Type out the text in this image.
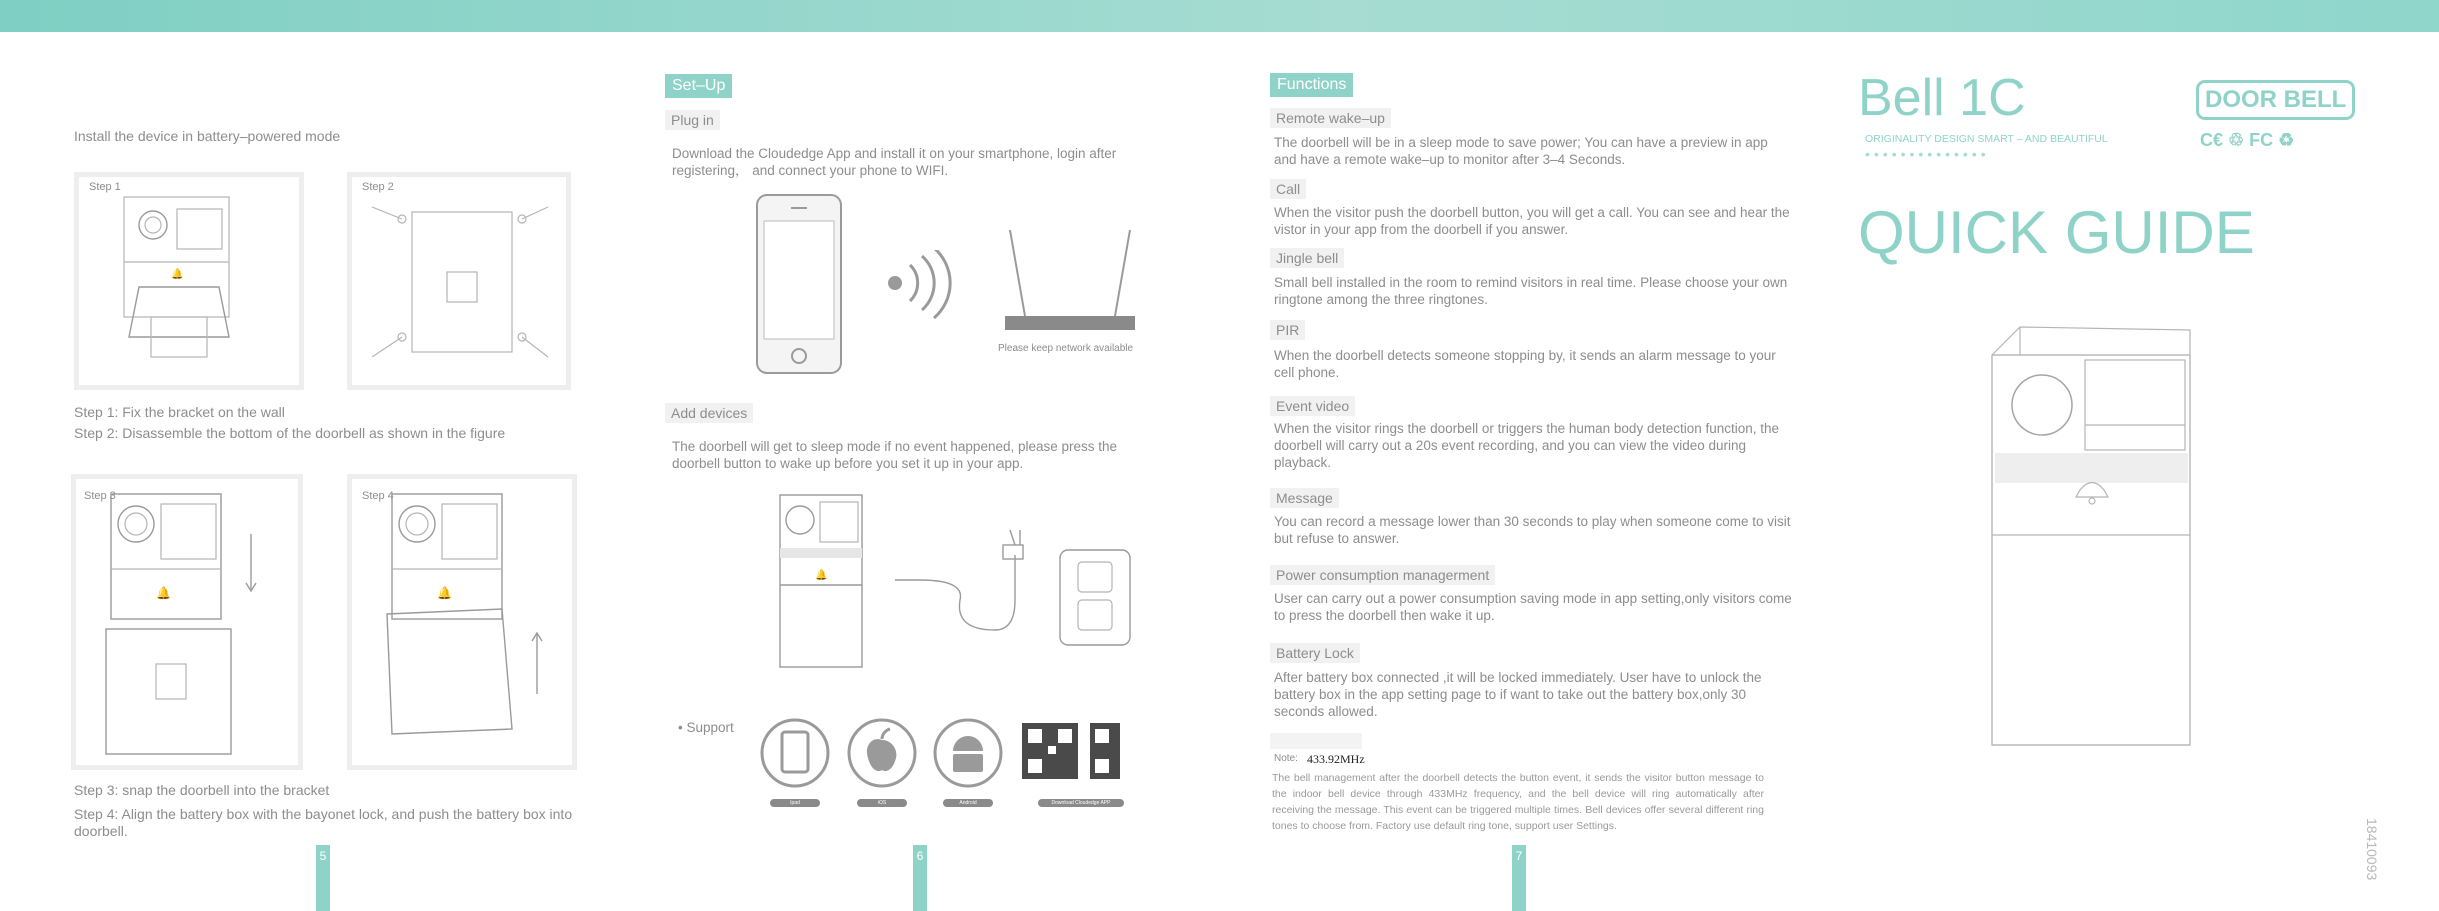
Install the device in battery–powered mode
🔔
Step 1	Step 2
Step 1: Fix the bracket on the wall
Step 2: Disassemble the bottom of the doorbell as shown in the figure
🔔
Step 3
🔔
Step 4
Step 3: snap the doorbell into the bracket
Step 4: Align the battery box with the bayonet lock, and push the battery box into doorbell.
5
Set–Up
Plug in
Download the Cloudedge App and install it on your smartphone, login after registering， and connect your phone to WIFI.
Please keep network available
Add devices
The doorbell will get to sleep mode if no event happened, please press the doorbell button to wake up before you set it up in your app.
🔔
• Support
Ipad	iOS	Android	Download Cloudedge APP
6
Functions
Remote wake–up
The doorbell will be in a sleep mode to save power; You can have a preview in app and have a remote wake–up to monitor after 3–4 Seconds.
Call
When the visitor push the doorbell button, you will get a call. You can see and hear the vistor in your app from the doorbell if you answer.
Jingle bell
Small bell installed in the room to remind visitors in real time. Please choose your own ringtone among the three ringtones.
PIR
When the doorbell detects someone stopping by, it sends an alarm message to your cell phone.
Event video
When the visitor rings the doorbell or triggers the human body detection function, the doorbell will carry out a 20s event recording, and you can view the video during playback.
Message
You can record a message lower than 30 seconds to play when someone come to visit but refuse to answer.
Power consumption managerment
User can carry out a power consumption saving mode in app setting,only visitors come to press the doorbell then wake it up.
Battery Lock
After battery box connected ,it will be locked immediately. User have to unlock the battery box in the app setting page to if want to take out the battery box,only 30 seconds allowed.
Note: 433.92MHz
The bell management after the doorbell detects the button event, it sends the visitor button message to the indoor bell device through 433MHz frequency, and the bell device will ring automatically after receiving the message. This event can be triggered multiple times. Bell devices offer several different ring tones to choose from. Factory use default ring tone, support user Settings.
7
Bell 1C
ORIGINALITY DESIGN SMART – AND BEAUTIFUL
••••••••••••••
DOOR BELL
C€ ♲ FC ♻
QUICK GUIDE
18410093
